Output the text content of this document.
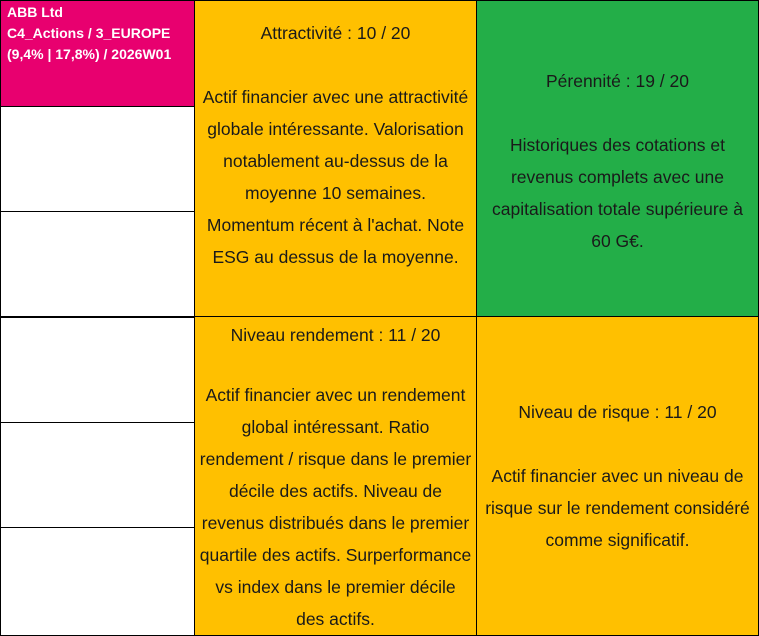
ABB Ltd
C4_Actions / 3_EUROPE
(9,4% | 17,8%) / 2026W01
Attractivité : 10 / 20
Actif financier avec une attractivité globale intéressante. Valorisation notablement au-dessus de la moyenne 10 semaines. Momentum récent à l'achat. Note ESG au dessus de la moyenne.
Pérennité : 19 / 20
Historiques des cotations et revenus complets avec une capitalisation totale supérieure à 60 G€.
Niveau rendement : 11 / 20
Actif financier avec un rendement global intéressant. Ratio rendement / risque dans le premier décile des actifs. Niveau de revenus distribués dans le premier quartile des actifs. Surperformance vs index dans le premier décile des actifs.
Niveau de risque : 11 / 20
Actif financier avec un niveau de risque sur le rendement considéré comme significatif.
